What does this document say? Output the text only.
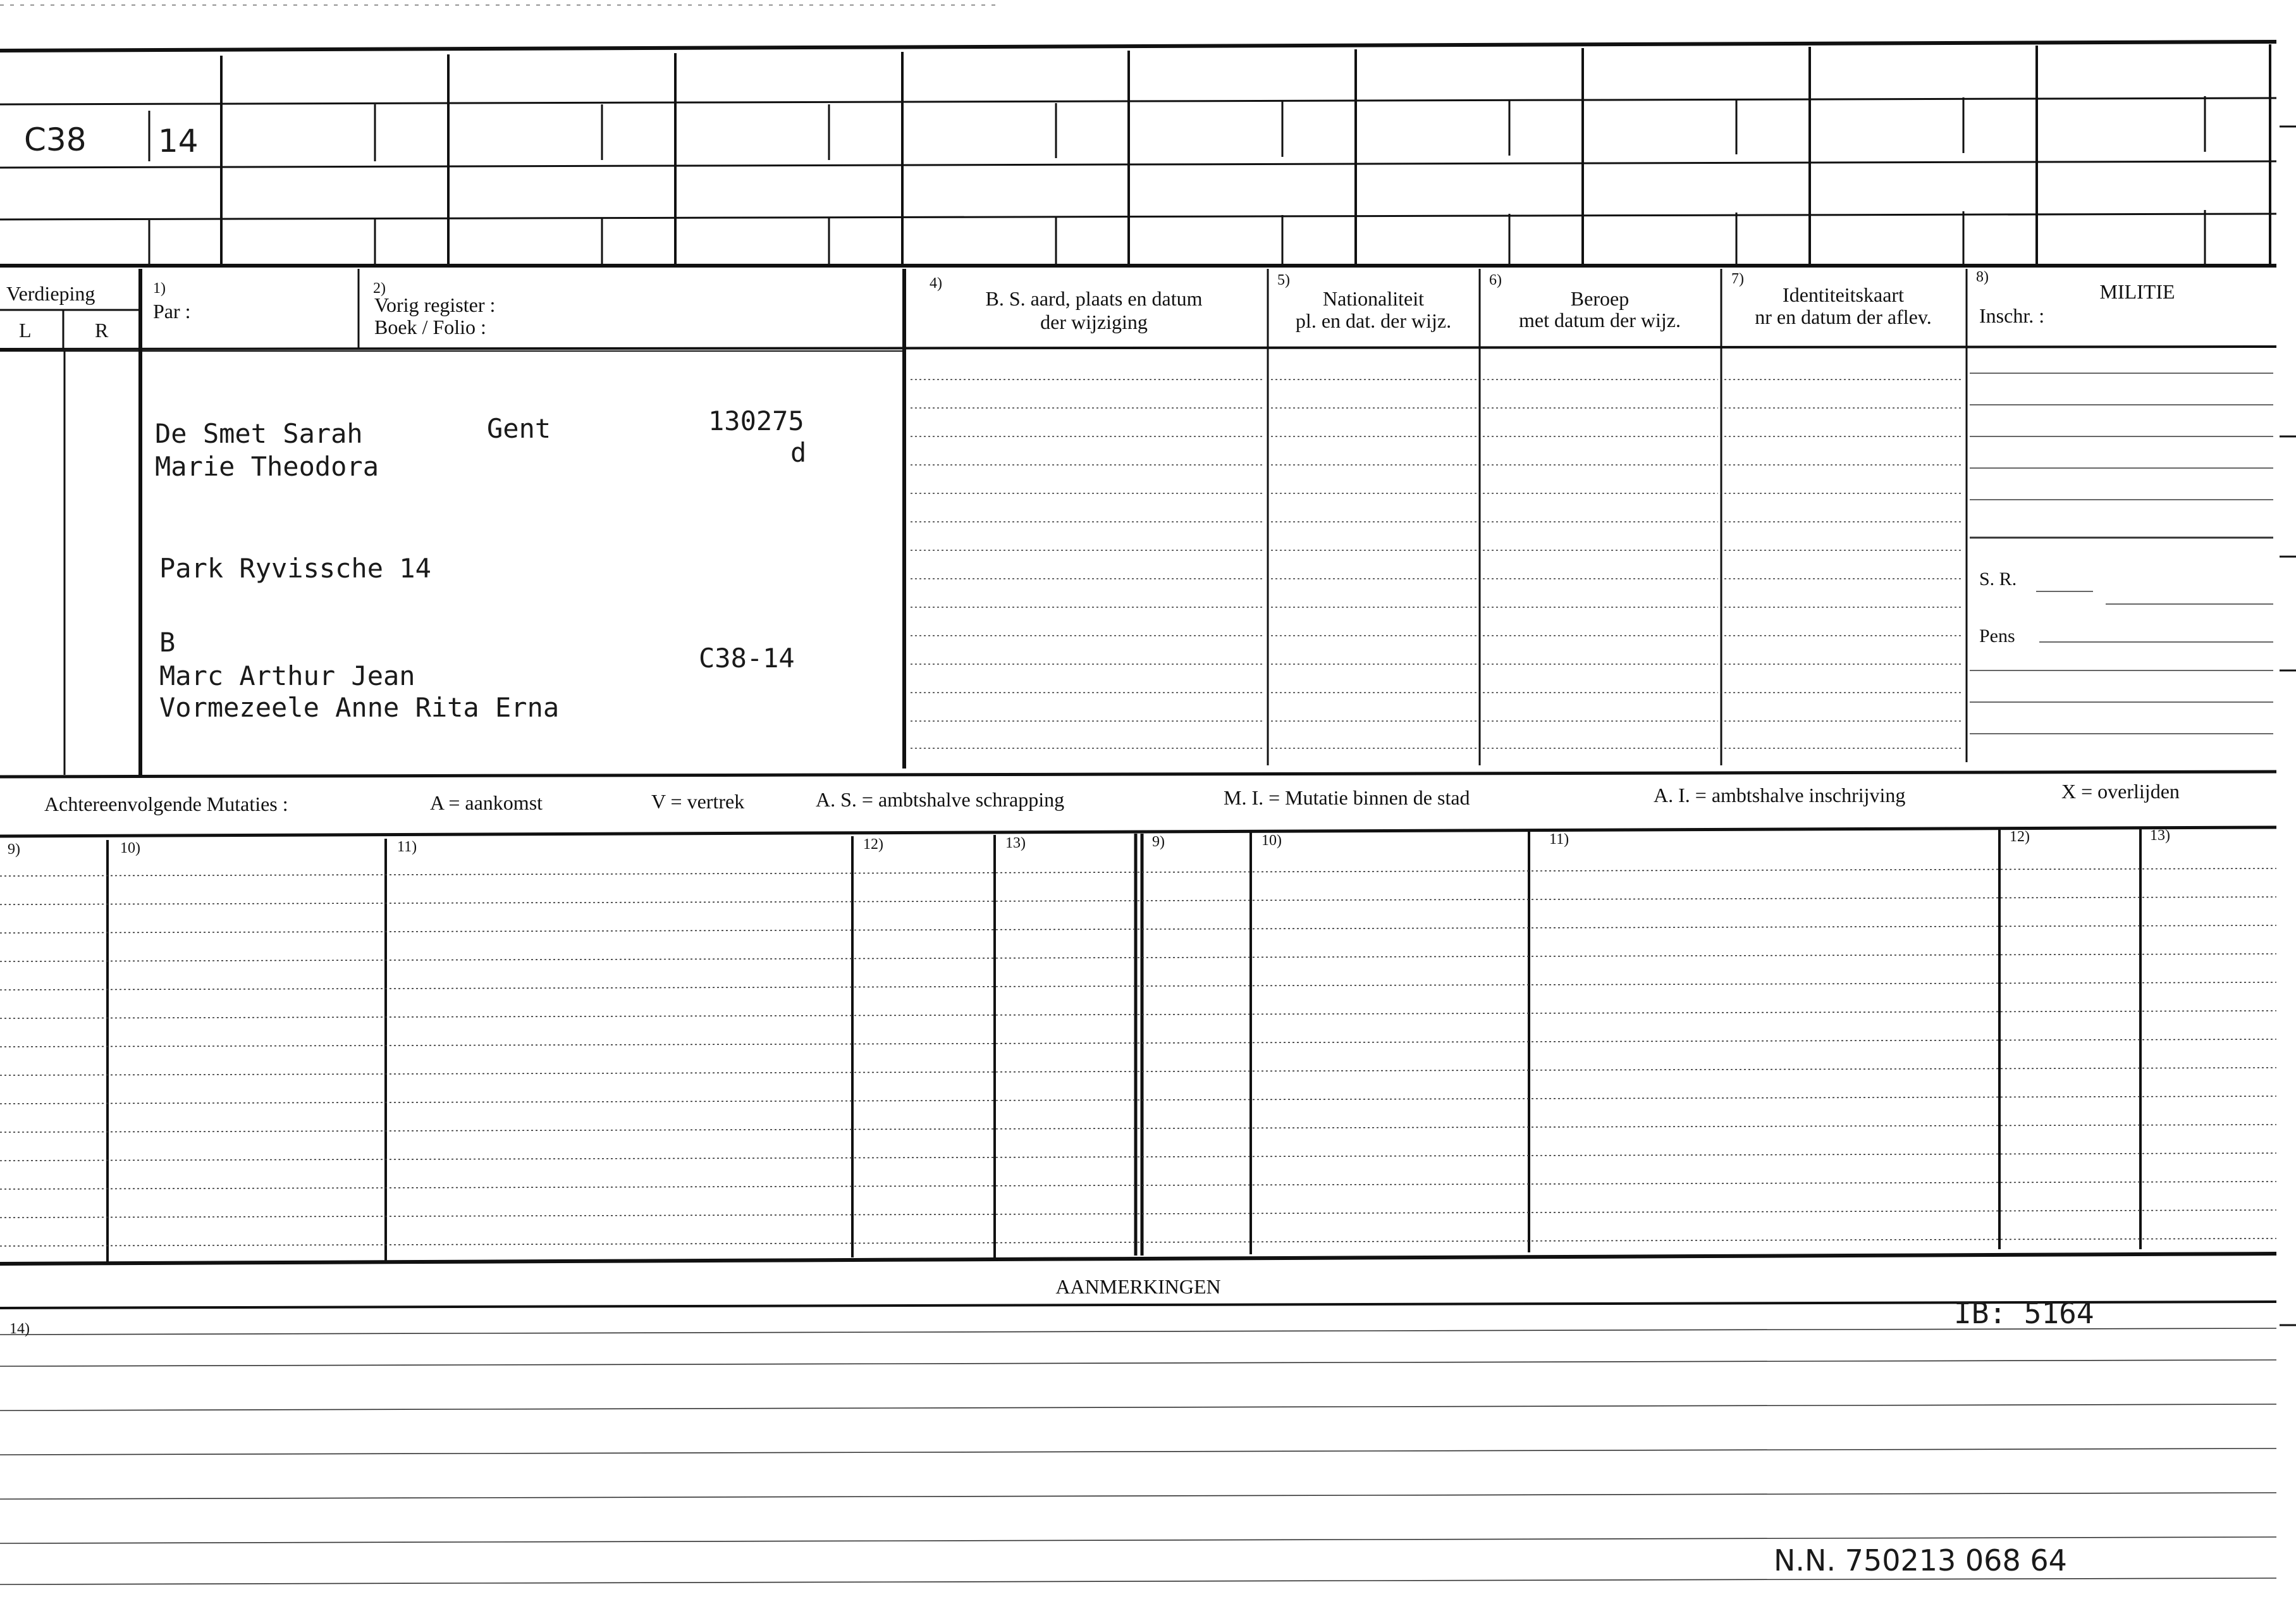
C38 14
Verdieping
L	R
1)
Par :
2)
Vorig register :
Boek / Folio :
4)
B. S. aard, plaats en datum
der wijziging
5)
Nationaliteit
pl. en dat. der wijz.
6)
Beroep
met datum der wijz.
7)
Identiteitskaart
nr en datum der aflev.
8)
MILITIE
Inschr. :
S. R.
Pens
De Smet Sarah
Marie Theodora
Gent	130275
d
Park Ryvissche 14
B
Marc Arthur Jean
Vormezeele Anne Rita Erna
C38-14
Achtereenvolgende Mutaties :	A = aankomst	V = vertrek	A. S. = ambtshalve schrapping	M. I. = Mutatie binnen de stad	A. I. = ambtshalve inschrijving	X = overlijden
9)	10)	11)	12)	13)	9)	10)	11)	12)	13)
AANMERKINGEN
14)	IB: 5164
N.N. 750213 068 64
